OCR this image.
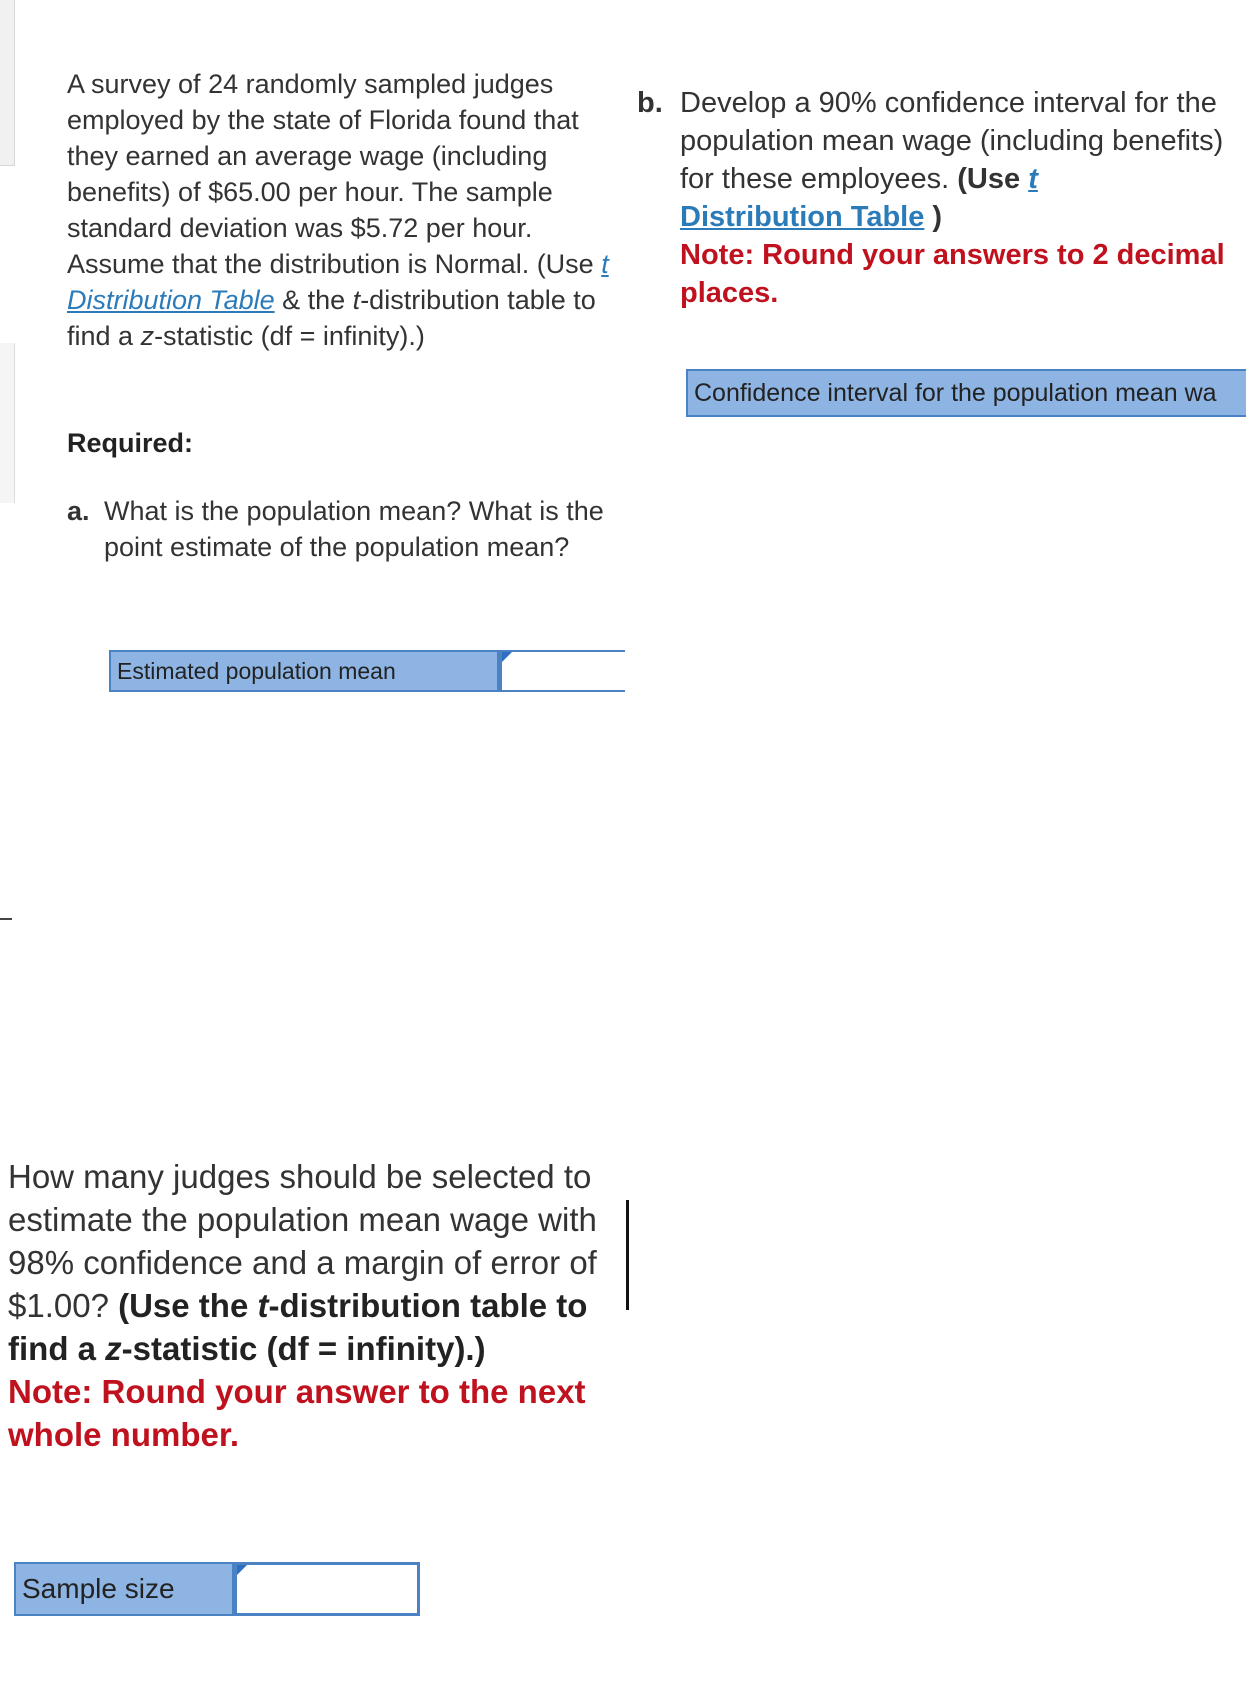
A survey of 24 randomly sampled judges employed by the state of Florida found that they earned an average wage (including benefits) of $65.00 per hour. The sample standard deviation was $5.72 per hour. Assume that the distribution is Normal. (Use t Distribution Table & the t-distribution table to find a z-statistic (df = infinity).)
Required:
a. What is the population mean? What is the point estimate of the population mean?
Estimated population mean
b. Develop a 90% confidence interval for the population mean wage (including benefits) for these employees. (Use t
Distribution Table )
Note: Round your answers to 2 decimal places.
Confidence interval for the population mean wa
How many judges should be selected to estimate the population mean wage with 98% confidence and a margin of error of $1.00? (Use the t-distribution table to find a z-statistic (df = infinity).)
Note: Round your answer to the next whole number.
Sample size
